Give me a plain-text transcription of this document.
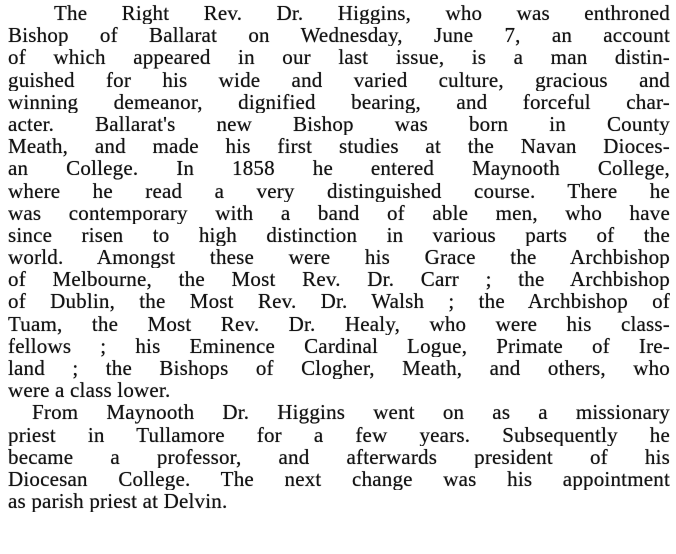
The Right Rev. Dr. Higgins, who was enthroned
Bishop of Ballarat on Wednesday, June 7, an account
of which appeared in our last issue, is a man distin-
guished for his wide and varied culture, gracious and
winning demeanor, dignified bearing, and forceful char-
acter. Ballarat's new Bishop was born in County
Meath, and made his first studies at the Navan Dioces-
an College. In 1858 he entered Maynooth College,
where he read a very distinguished course. There he
was contemporary with a band of able men, who have
since risen to high distinction in various parts of the
world. Amongst these were his Grace the Archbishop
of Melbourne, the Most Rev. Dr. Carr ; the Archbishop
of Dublin, the Most Rev. Dr. Walsh ; the Archbishop of
Tuam, the Most Rev. Dr. Healy, who were his class-
fellows ; his Eminence Cardinal Logue, Primate of Ire-
land ; the Bishops of Clogher, Meath, and others, who
were a class lower.
From Maynooth Dr. Higgins went on as a missionary
priest in Tullamore for a few years. Subsequently he
became a professor, and afterwards president of his
Diocesan College. The next change was his appointment
as parish priest at Delvin.
